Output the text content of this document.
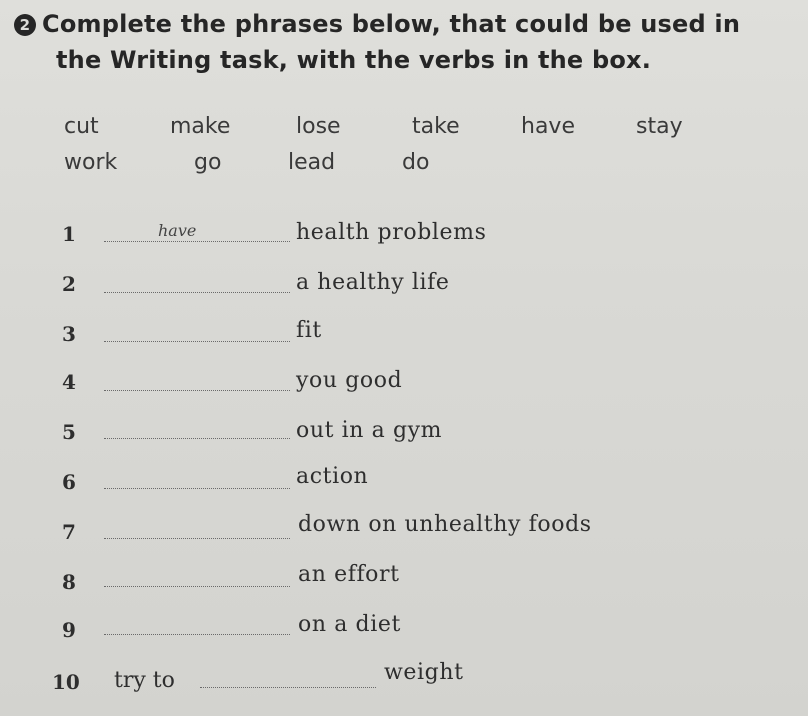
2 Complete the phrases below, that could be used in
the Writing task, with the verbs in the box.
cut	make	lose	take	have	stay
work	go	lead	do
1	have	health problems
2	a healthy life
3	fit
4	you good
5	out in a gym
6	action
7	down on unhealthy foods
8	an effort
9	on a diet
10 try to	weight
